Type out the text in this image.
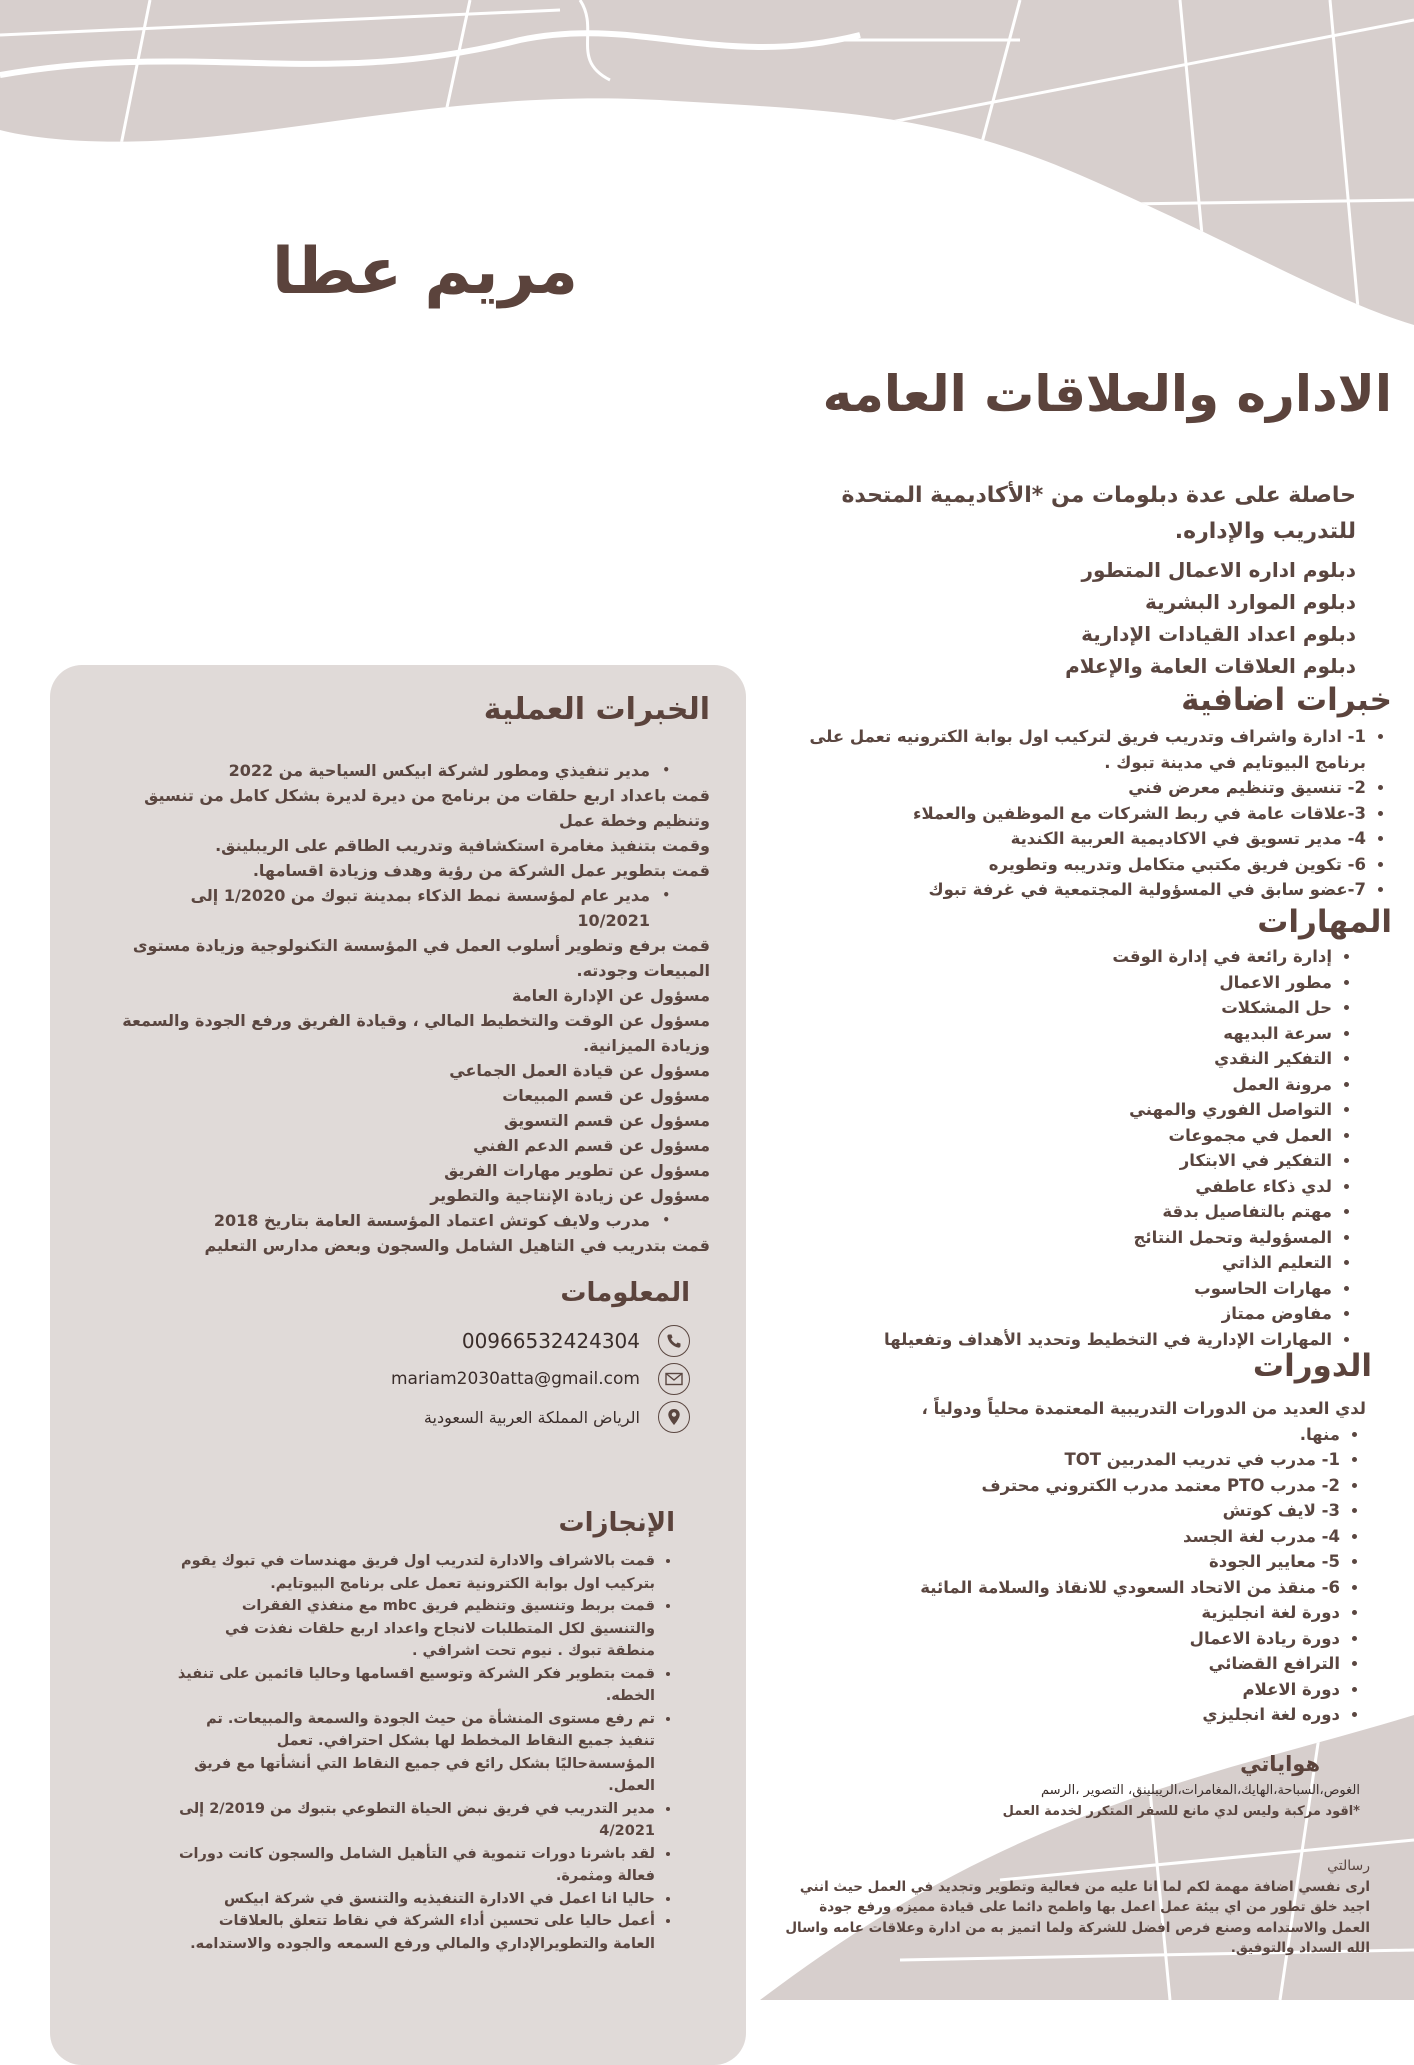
مريم عطا
الاداره والعلاقات العامه

حاصلة على عدة دبلومات من *الأكاديمية المتحدة للتدريب والإداره.

دبلوم اداره الاعمال المتطور
دبلوم الموارد البشرية
دبلوم اعداد القيادات الإدارية
دبلوم العلاقات العامة والإعلام
خبرات اضافية
• 1- ادارة واشراف وتدريب فريق لتركيب اول بوابة الكترونيه تعمل على برنامج البيوتايم في مدينة تبوك .
• 2- تنسيق وتنظيم معرض فني
• 3-علاقات عامة في ربط الشركات مع الموظفين والعملاء
• 4- مدير تسويق في الاكاديمية العربية الكندية
• 6- تكوين فريق مكتبي متكامل وتدريبه وتطويره
• 7-عضو سابق في المسؤولية المجتمعية في غرفة تبوك
المهارات
• إدارة رائعة في إدارة الوقت
• مطور الاعمال
• حل المشكلات
• سرعة البديهه
• التفكير النقدي
• مرونة العمل
• التواصل الفوري والمهني
• العمل في مجموعات
• التفكير في الابتكار
• لدي ذكاء عاطفي
• مهتم بالتفاصيل بدقة
• المسؤولية وتحمل النتائج
• التعليم الذاتي
• مهارات الحاسوب
• مفاوض ممتاز
• المهارات الإدارية في التخطيط وتحديد الأهداف وتفعيلها
الدورات

لدي العديد من الدورات التدريبية المعتمدة محلياً ودولياً ،

• منها.
• 1- مدرب في تدريب المدربين TOT
• 2- مدرب PTO معتمد مدرب الكتروني محترف
• 3- لايف كوتش
• 4- مدرب لغة الجسد
• 5- معايير الجودة
• 6- منقذ من الاتحاد السعودي للانقاذ والسلامة المائية
• دورة لغة انجليزية
• دورة ريادة الاعمال
• الترافع القضائي
• دورة الاعلام
• دوره لغة انجليزي
هواياتي

الغوص،السباحة،الهايك،المغامرات،الريبلينق، التصوير ،الرسم

*اقود مركبة وليس لدي مانع للسفر المتكرر لخدمة العمل

رسالتي
ارى نفسي اضافة مهمة لكم لما انا عليه من فعالية وتطوير وتجديد في العمل حيث انني اجيد خلق تطور من اي بيئة عمل اعمل بها واطمح دائما على قيادة مميزه ورفع جودة العمل والاستدامه وصنع فرص افضل للشركة ولما اتميز به من ادارة وعلاقات عامه واسال الله السداد والتوفيق.
الخبرات العملية
•
مدير تنفيذي ومطور لشركة ابيكس السياحية من 2022
قمت باعداد اربع حلقات من برنامج من ديرة لديرة بشكل كامل من تنسيق وتنظيم وخطة عمل
وقمت بتنفيذ مغامرة استكشافية وتدريب الطاقم على الريبلينق.
قمت بتطوير عمل الشركة من رؤية وهدف وزيادة اقسامها.
•
مدير عام لمؤسسة نمط الذكاء بمدينة تبوك من 1/2020 إلى 10/2021
قمت برفع وتطوير أسلوب العمل في المؤسسة التكنولوجية وزيادة مستوى المبيعات وجودته.
مسؤول عن الإدارة العامة
مسؤول عن الوقت والتخطيط المالي ، وقيادة الفريق ورفع الجودة والسمعة وزيادة الميزانية.
مسؤول عن قيادة العمل الجماعي
مسؤول عن قسم المبيعات
مسؤول عن قسم التسويق
مسؤول عن قسم الدعم الفني
مسؤول عن تطوير مهارات الفريق
مسؤول عن زيادة الإنتاجية والتطوير
•
مدرب ولايف كوتش اعتماد المؤسسة العامة بتاريخ 2018
قمت بتدريب في التاهيل الشامل والسجون وبعض مدارس التعليم
المعلومات
00966532424304
mariam2030atta@gmail.com
الرياض المملكة العربية السعودية
الإنجازات
• قمت بالاشراف والادارة لتدريب اول فريق مهندسات في تبوك يقوم بتركيب اول بوابة الكترونية تعمل على برنامج البيوتايم.
• قمت بربط وتنسيق وتنظيم فريق mbc مع منفذي الفقرات والتنسيق لكل المتطلبات لانجاح واعداد اربع حلقات نفذت في منطقة تبوك . نيوم تحت اشرافي .
• قمت بتطوير فكر الشركة وتوسيع اقسامها وحاليا قائمين على تنفيذ الخطه.
• تم رفع مستوى المنشأة من حيث الجودة والسمعة والمبيعات. تم تنفيذ جميع النقاط المخطط لها بشكل احترافي. تعمل المؤسسةحاليًا بشكل رائع في جميع النقاط التي أنشأتها مع فريق العمل.
• مدير التدريب في فريق نبض الحياة التطوعي بتبوك من 2/2019 إلى 4/2021
• لقد باشرنا دورات تنموية في التأهيل الشامل والسجون كانت دورات فعالة ومثمرة.
• حاليا انا اعمل في الادارة التنفيذيه والتنسق في شركة ابيكس
• أعمل حاليا على تحسين أداء الشركة في نقاط تتعلق بالعلاقات العامة والتطويرالإداري والمالي ورفع السمعه والجوده والاستدامه.
